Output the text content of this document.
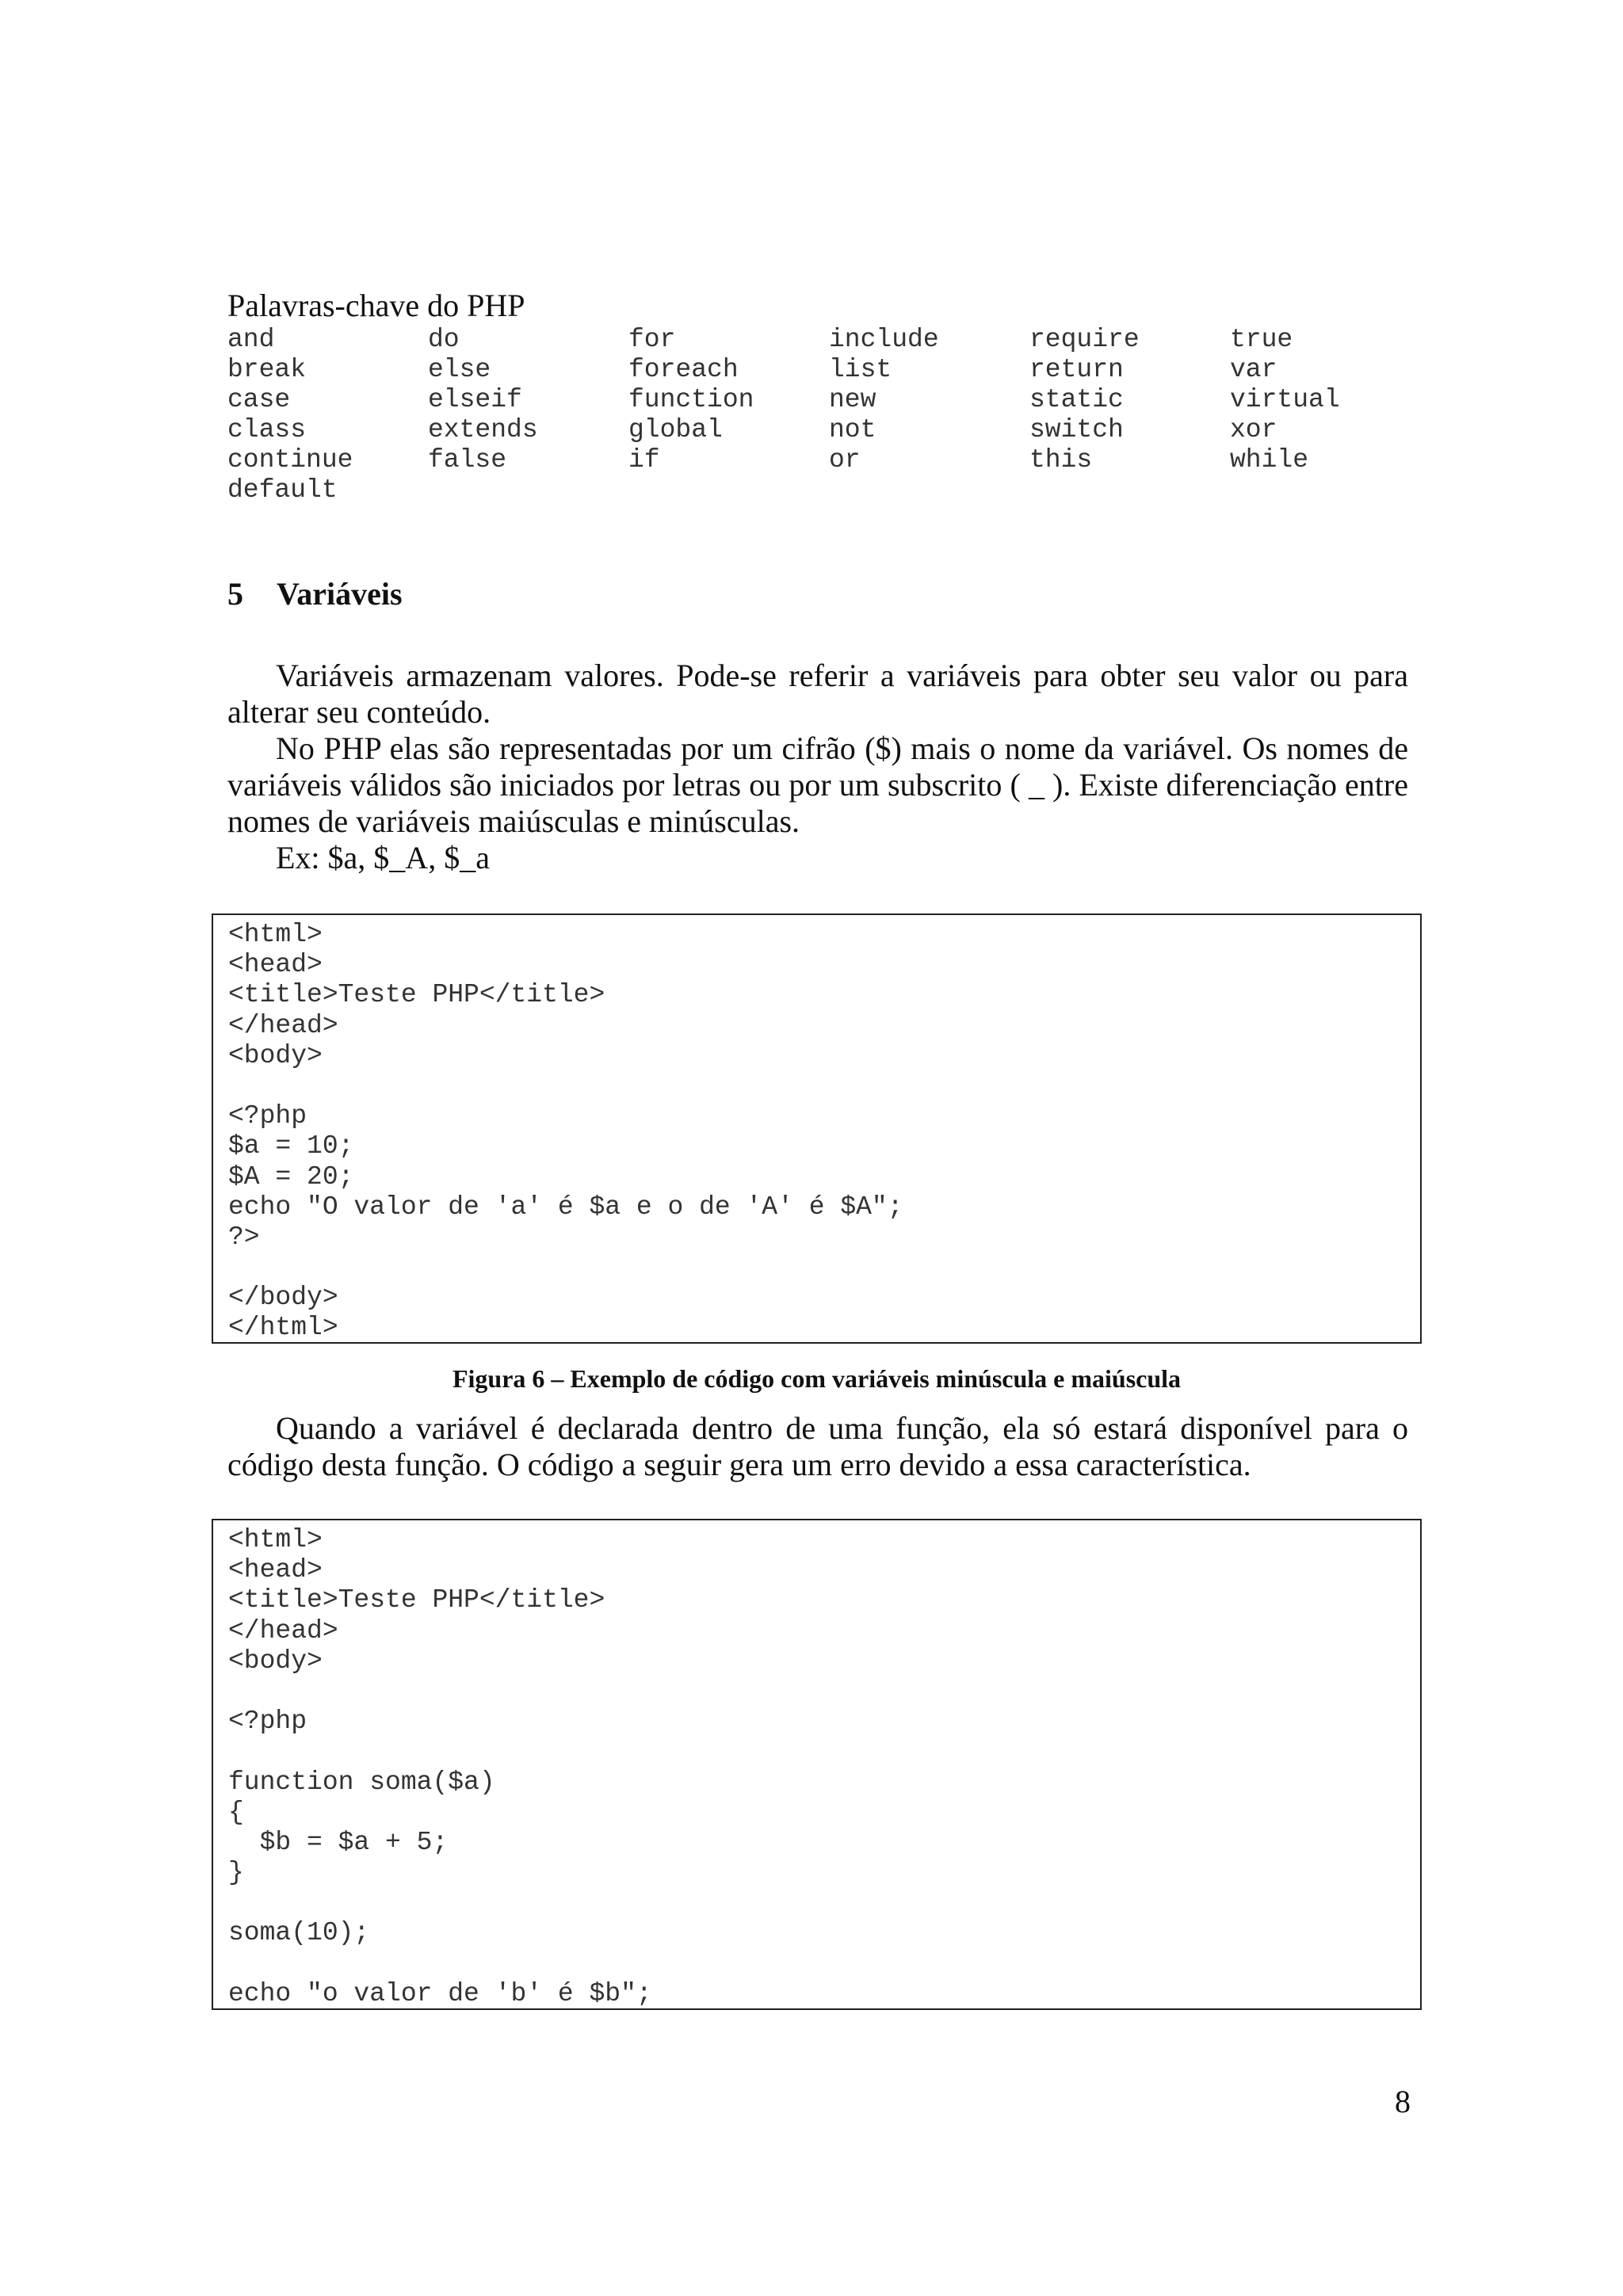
Palavras-chave do PHP
and	do	for	include	require	true
break	else	foreach	list	return	var
case	elseif	function	new	static	virtual
class	extends	global	not	switch	xor
continue	false	if	or	this	while
default
5 Variáveis

Variáveis armazenam valores. Pode-se referir a variáveis para obter seu valor ou para alterar seu conteúdo.

No PHP elas são representadas por um cifrão ($) mais o nome da variável. Os nomes de variáveis válidos são iniciados por letras ou por um subscrito ( _ ). Existe diferenciação entre nomes de variáveis maiúsculas e minúsculas.

Ex: $a, $_A, $_a

<html>
<head>
<title>Teste PHP</title>
</head>
<body>
<?php
$a = 10;
$A = 20;
echo "O valor de 'a' é $a e o de 'A' é $A";
?>
</body>
</html>
Figura 6 – Exemplo de código com variáveis minúscula e maiúscula

Quando a variável é declarada dentro de uma função, ela só estará disponível para o código desta função. O código a seguir gera um erro devido a essa característica.

<html>
<head>
<title>Teste PHP</title>
</head>
<body>
<?php
function soma($a)
{
$b = $a + 5;
}
soma(10);
echo "o valor de 'b' é $b";
8
